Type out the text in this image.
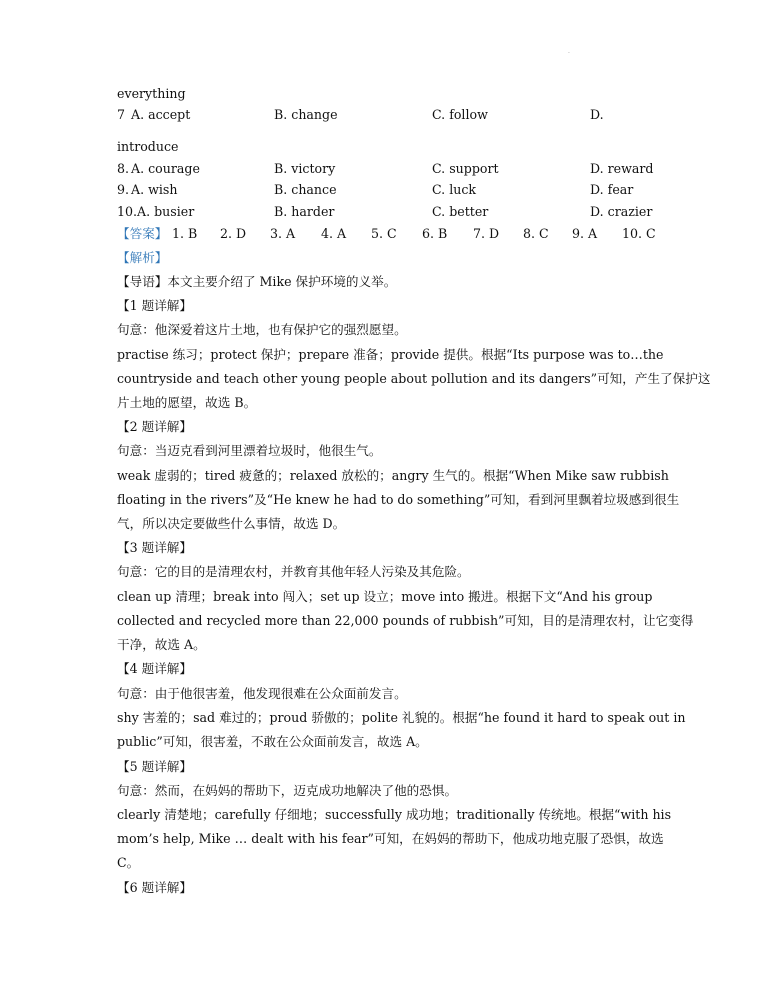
.
everything
7 A. accept	B. change	C. follow	D.
introduce
8. A. courage	B. victory	C. support	D. reward
9. A. wish	B. chance	C. luck	D. fear
10. A. busier	B. harder	C. better	D. crazier
【答案】 1. B 2. D 3. A 4. A 5. C 6. B 7. D 8. C 9. A 10. C
【解析】
【导语】本文主要介绍了 Mike 保护环境的义举。
【1 题详解】
句意：他深爱着这片土地，也有保护它的强烈愿望。
practise 练习；protect 保护；prepare 准备；provide 提供。根据“Its purpose was to…the
countryside and teach other young people about pollution and its dangers”可知，产生了保护这
片土地的愿望，故选 B。
【2 题详解】
句意：当迈克看到河里漂着垃圾时，他很生气。
weak 虚弱的；tired 疲惫的；relaxed 放松的；angry 生气的。根据“When Mike saw rubbish
floating in the rivers”及“He knew he had to do something”可知，看到河里飘着垃圾感到很生
气，所以决定要做些什么事情，故选 D。
【3 题详解】
句意：它的目的是清理农村，并教育其他年轻人污染及其危险。
clean up 清理；break into 闯入；set up 设立；move into 搬进。根据下文“And his group
collected and recycled more than 22,000 pounds of rubbish”可知，目的是清理农村，让它变得
干净，故选 A。
【4 题详解】
句意：由于他很害羞，他发现很难在公众面前发言。
shy 害羞的；sad 难过的；proud 骄傲的；polite 礼貌的。根据“he found it hard to speak out in
public”可知，很害羞，不敢在公众面前发言，故选 A。
【5 题详解】
句意：然而，在妈妈的帮助下，迈克成功地解决了他的恐惧。
clearly 清楚地；carefully 仔细地；successfully 成功地；traditionally 传统地。根据“with his
mom’s help, Mike … dealt with his fear”可知，在妈妈的帮助下，他成功地克服了恐惧，故选
C。
【6 题详解】
